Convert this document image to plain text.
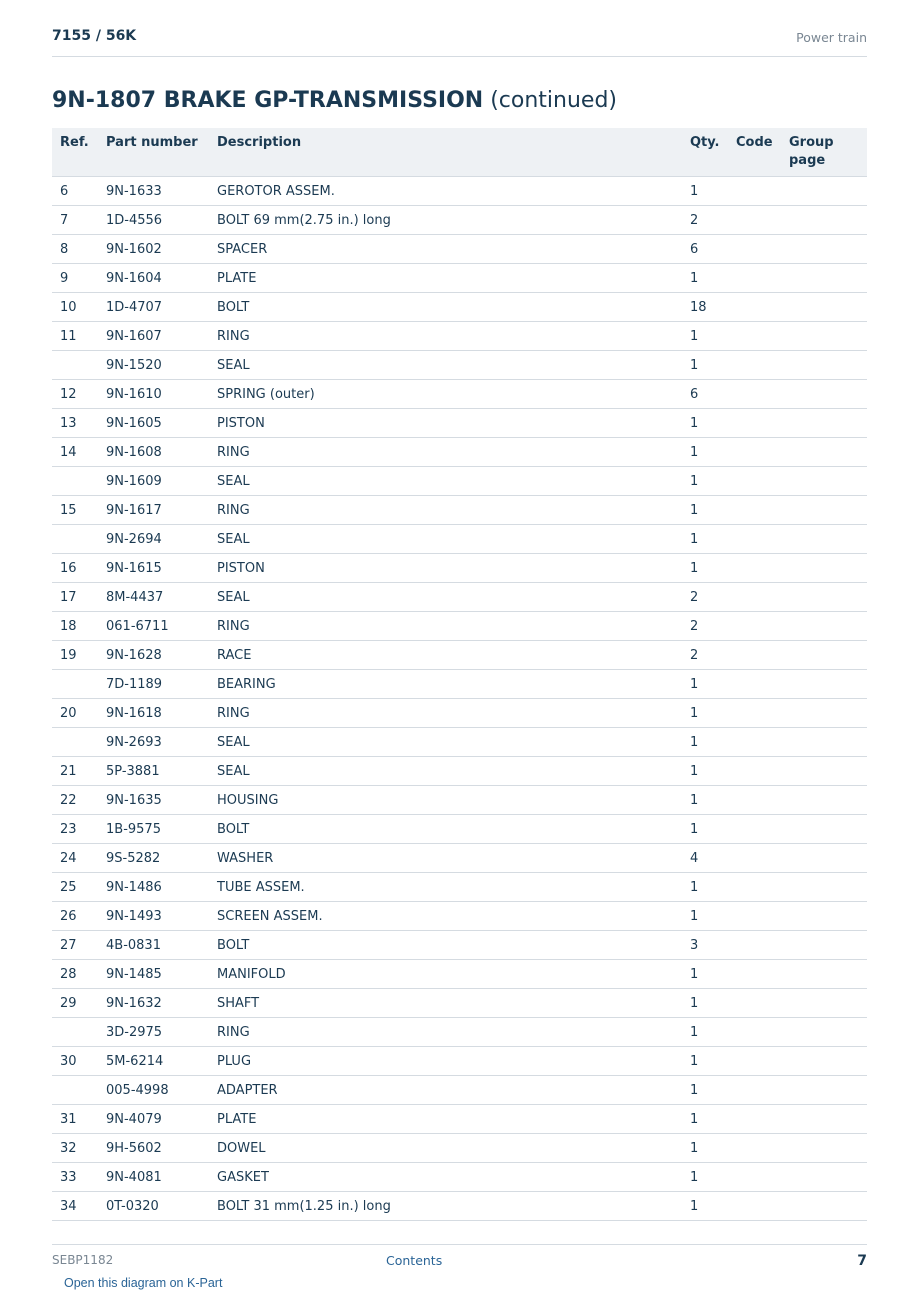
7155 / 56K	Power train
9N-1807 BRAKE GP-TRANSMISSION (continued)
Ref.	Part number	Description	Qty.	Code	Group page
6	9N-1633	GEROTOR ASSEM.	1		
7	1D-4556	BOLT 69 mm(2.75 in.) long	2		
8	9N-1602	SPACER	6		
9	9N-1604	PLATE	1		
10	1D-4707	BOLT	18		
11	9N-1607	RING	1		
	9N-1520	SEAL	1		
12	9N-1610	SPRING (outer)	6		
13	9N-1605	PISTON	1		
14	9N-1608	RING	1		
	9N-1609	SEAL	1		
15	9N-1617	RING	1		
	9N-2694	SEAL	1		
16	9N-1615	PISTON	1		
17	8M-4437	SEAL	2		
18	061-6711	RING	2		
19	9N-1628	RACE	2		
	7D-1189	BEARING	1		
20	9N-1618	RING	1		
	9N-2693	SEAL	1		
21	5P-3881	SEAL	1		
22	9N-1635	HOUSING	1		
23	1B-9575	BOLT	1		
24	9S-5282	WASHER	4		
25	9N-1486	TUBE ASSEM.	1		
26	9N-1493	SCREEN ASSEM.	1		
27	4B-0831	BOLT	3		
28	9N-1485	MANIFOLD	1		
29	9N-1632	SHAFT	1		
	3D-2975	RING	1		
30	5M-6214	PLUG	1		
	005-4998	ADAPTER	1		
31	9N-4079	PLATE	1		
32	9H-5602	DOWEL	1		
33	9N-4081	GASKET	1		
34	0T-0320	BOLT 31 mm(1.25 in.) long	1		
SEBP1182	Contents	7
Open this diagram on K-Part
